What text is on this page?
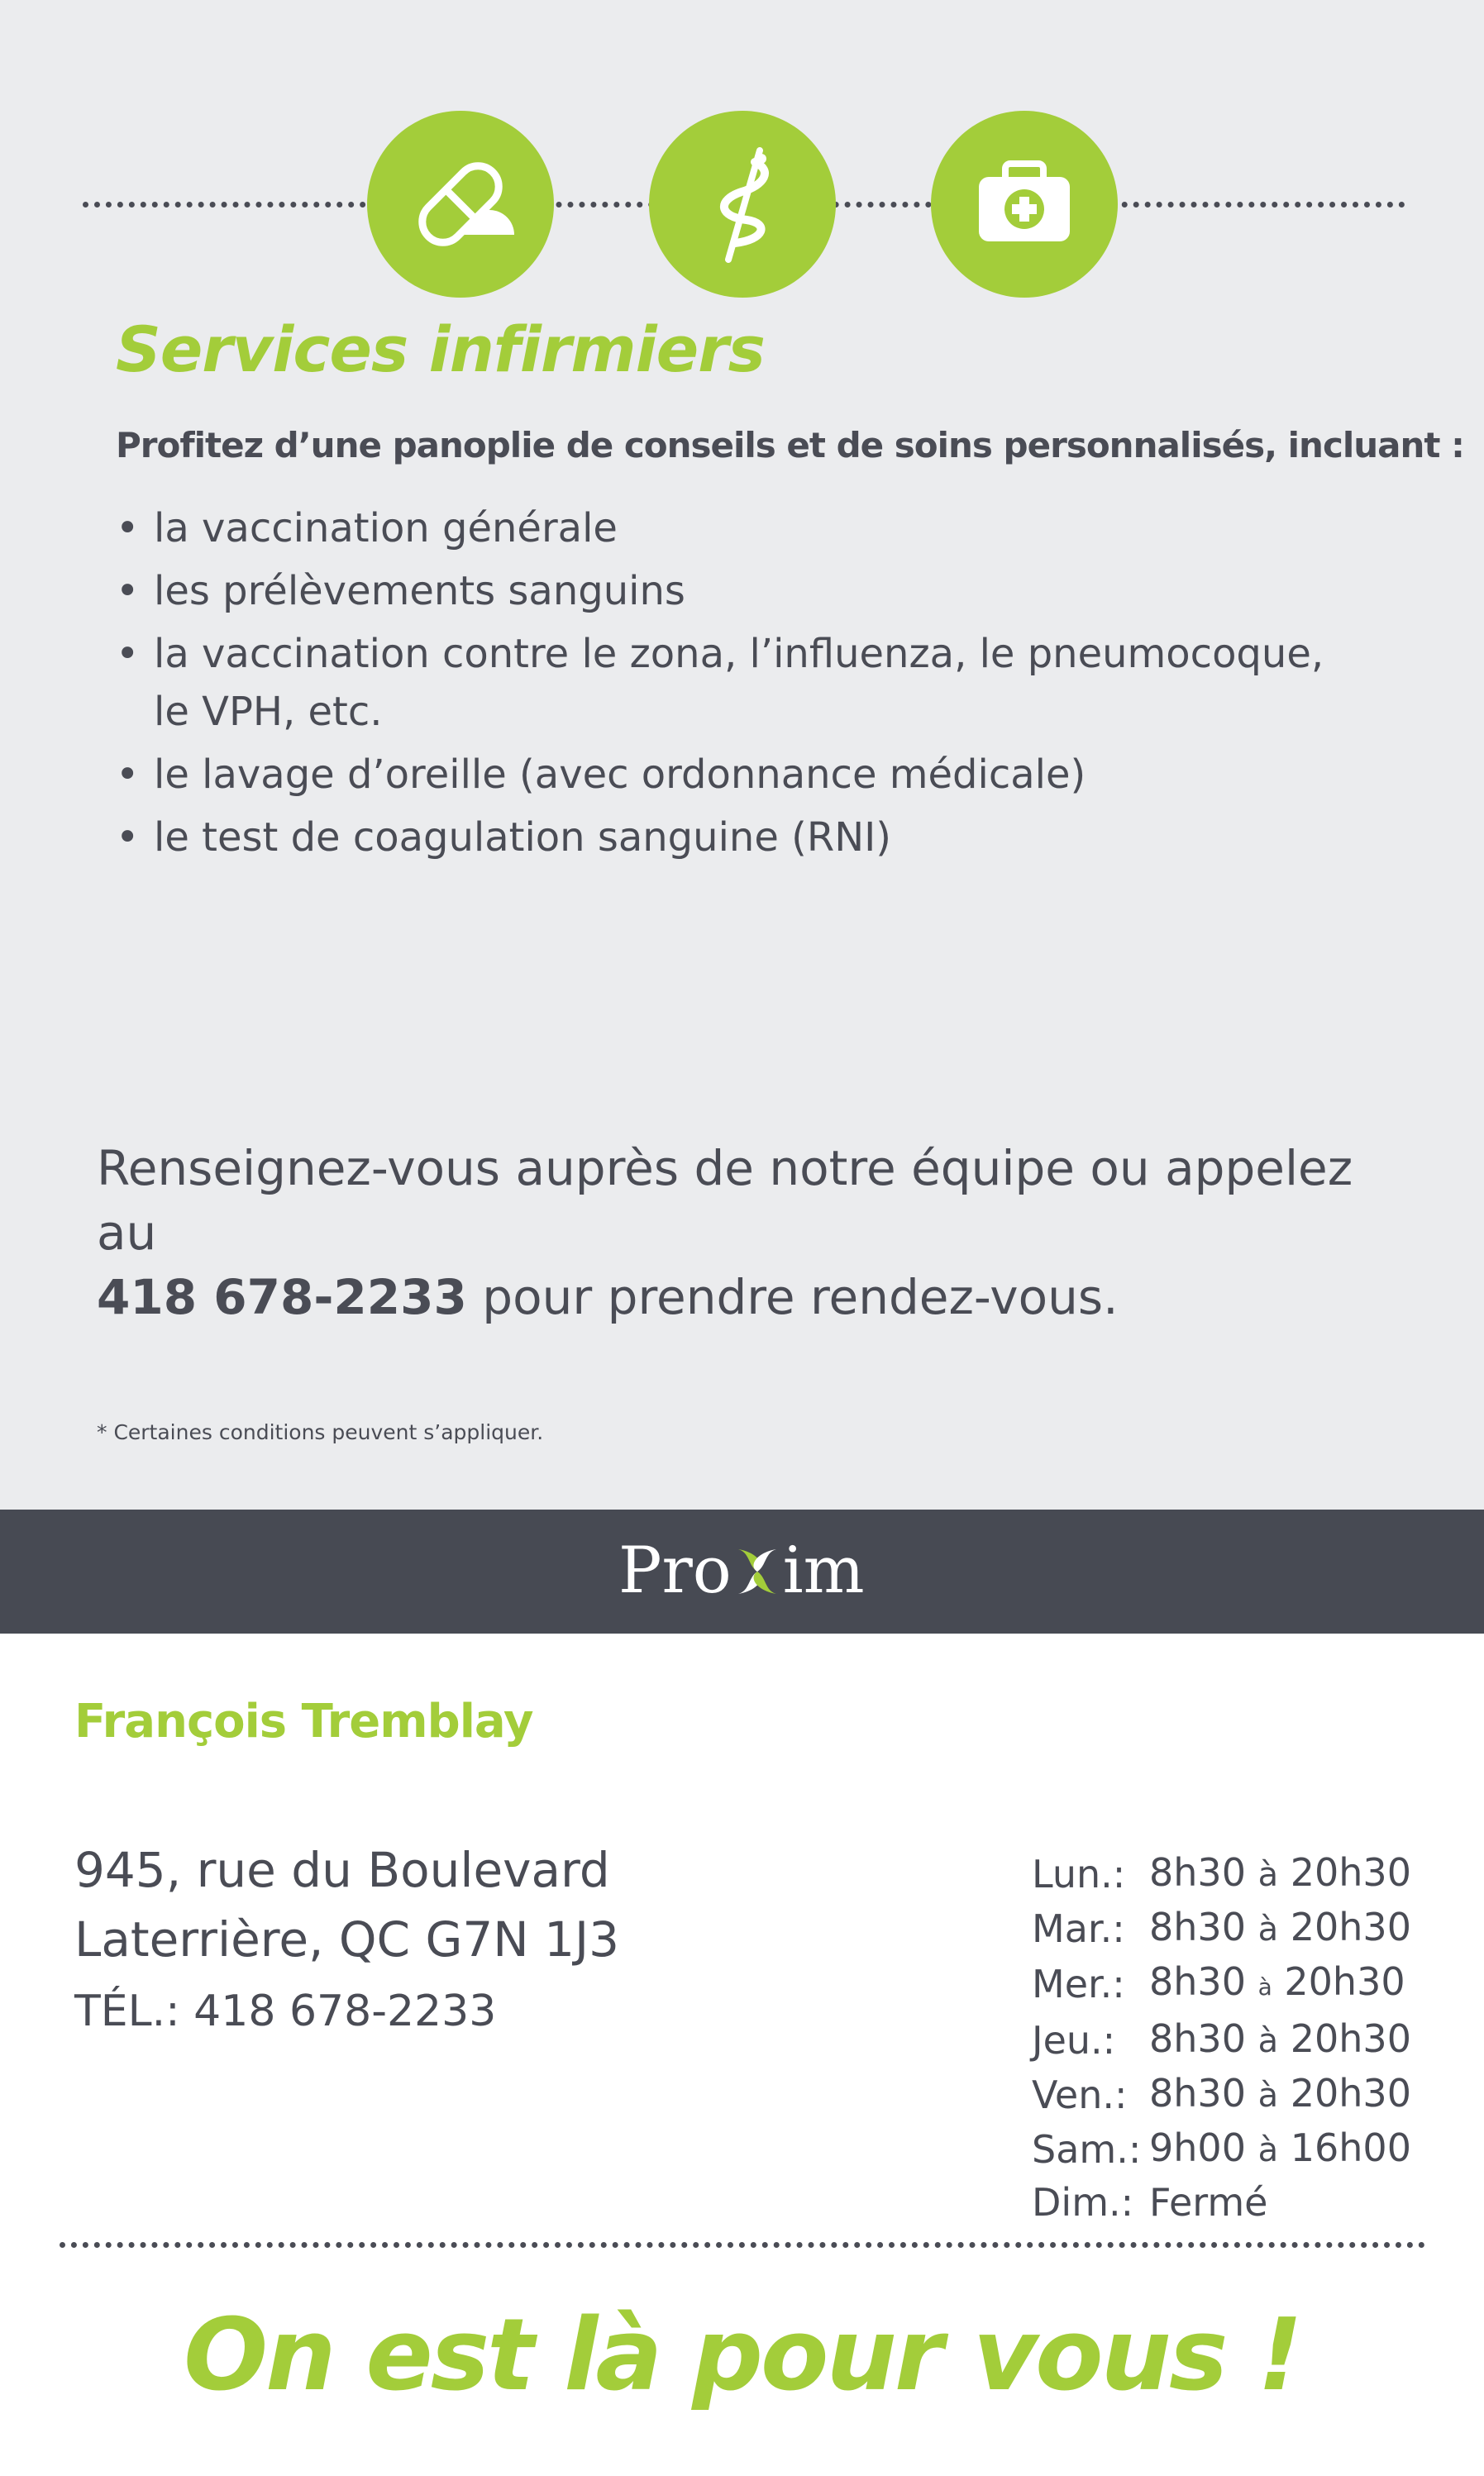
Services infirmiers

Profitez d’une panoplie de conseils et de soins personnalisés, incluant :

• la vaccination générale
• les prélèvements sanguins
• la vaccination contre le zona, l’influenza, le pneumocoque,
le VPH, etc.
• le lavage d’oreille (avec ordonnance médicale)
• le test de coagulation sanguine (RNI)

Renseignez-vous auprès de notre équipe ou appelez au
418 678-2233 pour prendre rendez-vous.

* Certaines conditions peuvent s’appliquer.

Pro im

François Tremblay

945, rue du Boulevard
Laterrière, QC G7N 1J3
TÉL.: 418 678-2233

Lun.:	8h30 à 20h30
Mar.:	8h30 à 20h30
Mer.:	8h30 à 20h30
Jeu.:	8h30 à 20h30
Ven.:	8h30 à 20h30
Sam.:	9h00 à 16h00
Dim.:	Fermé

On est là pour vous !
